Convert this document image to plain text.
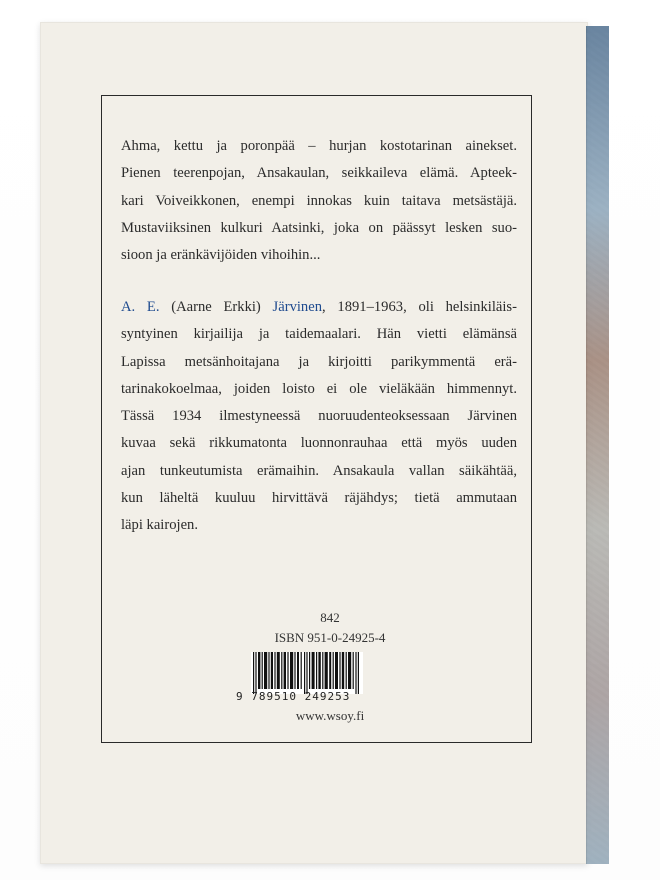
Ahma, kettu ja poronpää – hurjan kostotarinan ainekset.
Pienen teerenpojan, Ansakaulan, seikkaileva elämä. Apteek-
kari Voiveikkonen, enempi innokas kuin taitava metsästäjä.
Mustaviiksinen kulkuri Aatsinki, joka on päässyt lesken suo-
sioon ja eränkävijöiden vihoihin...
A. E. (Aarne Erkki) Järvinen, 1891–1963, oli helsinkiläis-
syntyinen kirjailija ja taidemaalari. Hän vietti elämänsä
Lapissa metsänhoitajana ja kirjoitti parikymmentä erä-
tarinakokoelmaa, joiden loisto ei ole vieläkään himmennyt.
Tässä 1934 ilmestyneessä nuoruudenteoksessaan Järvinen
kuvaa sekä rikkumatonta luonnonrauhaa että myös uuden
ajan tunkeutumista erämaihin. Ansakaula vallan säikähtää,
kun läheltä kuuluu hirvittävä räjähdys; tietä ammutaan
läpi kairojen.
842
ISBN 951-0-24925-4
9 789510 249253
www.wsoy.fi
